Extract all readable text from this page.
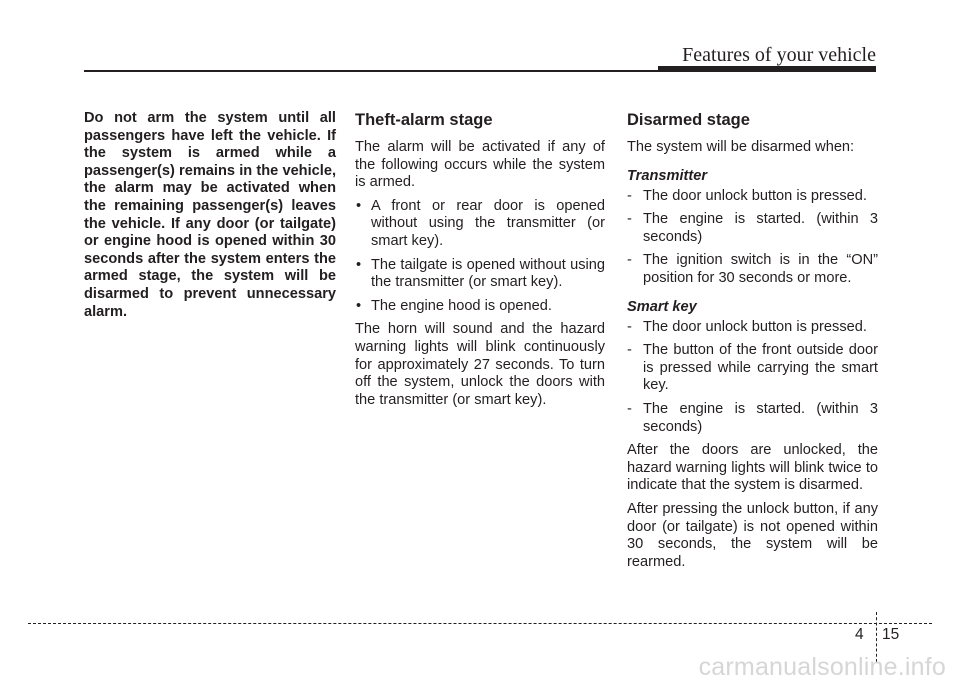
Features of your vehicle

Do not arm the system until all passengers have left the vehicle. If the system is armed while a passenger(s) remains in the vehicle, the alarm may be activated when the remaining passenger(s) leaves the vehicle. If any door (or tailgate) or engine hood is opened within 30 seconds after the system enters the armed stage, the system will be disarmed to prevent unnecessary alarm.

Theft-alarm stage

The alarm will be activated if any of the following occurs while the system is armed.

• A front or rear door is opened without using the transmitter (or smart key).
• The tailgate is opened without using the transmitter (or smart key).
• The engine hood is opened.

The horn will sound and the hazard warning lights will blink continuously for approximately 27 seconds. To turn off the system, unlock the doors with the transmitter (or smart key).

Disarmed stage

The system will be disarmed when:

Transmitter
- The door unlock button is pressed.
- The engine is started. (within 3 seconds)
- The ignition switch is in the “ON” position for 30 seconds or more.
Smart key
- The door unlock button is pressed.
- The button of the front outside door is pressed while carrying the smart key.
- The engine is started. (within 3 seconds)

After the doors are unlocked, the hazard warning lights will blink twice to indicate that the system is disarmed.

After pressing the unlock button, if any door (or tailgate) is not opened within 30 seconds, the system will be rearmed.

4 15
carmanualsonline.info
